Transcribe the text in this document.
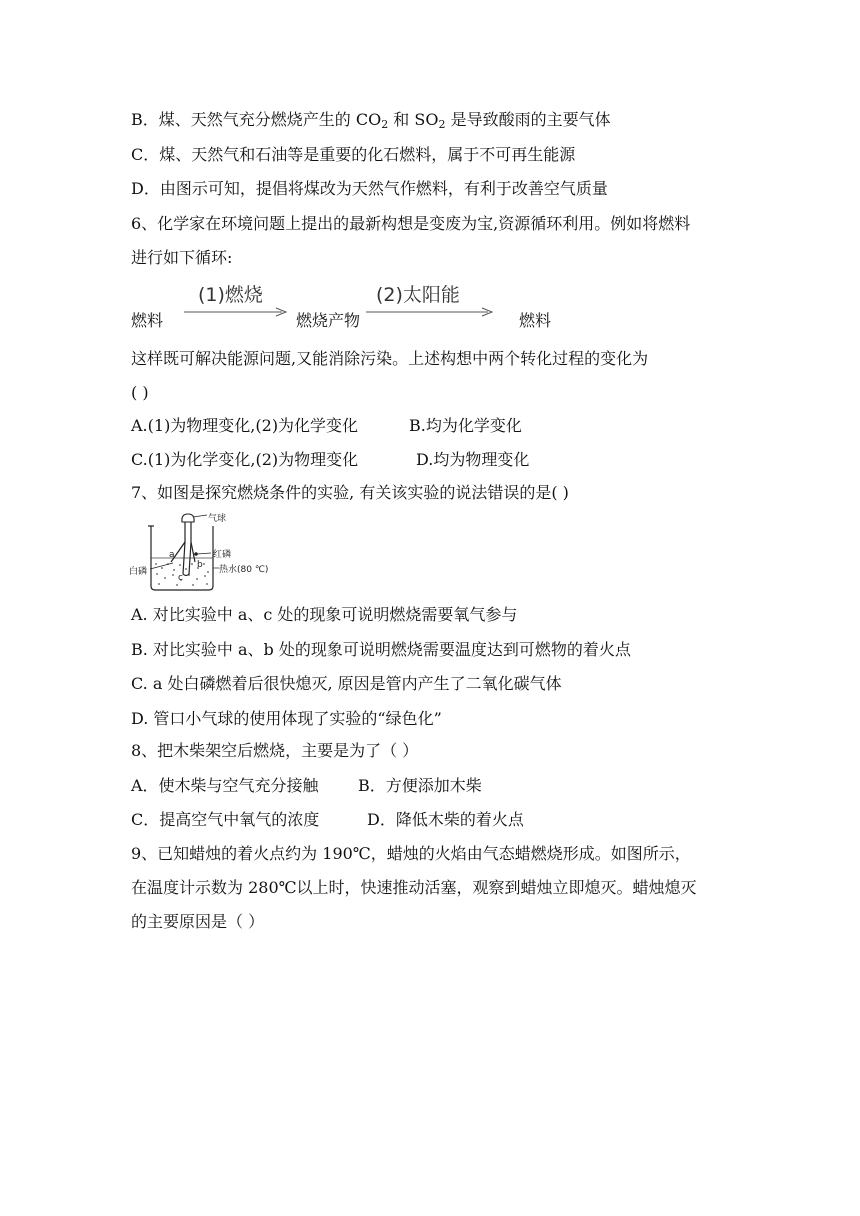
B．煤、天然气充分燃烧产生的 $CO_2$ 和 $SO_2$ 是导致酸雨的主要气体
C．煤、天然气和石油等是重要的化石燃料，属于不可再生能源
D．由图示可知，提倡将煤改为天然气作燃料，有利于改善空气质量
6、化学家在环境问题上提出的最新构想是变废为宝,资源循环利用。例如将燃料
进行如下循环:
燃料
(1)燃烧
燃烧产物
(2)太阳能
燃料
这样既可解决能源问题,又能消除污染。上述构想中两个转化过程的变化为
( )
A.(1)为物理变化,(2)为化学变化	B.均为化学变化
C.(1)为化学变化,(2)为物理变化	D.均为物理变化
7、如图是探究燃烧条件的实验, 有关该实验的说法错误的是( )
气球
红磷
白磷	热水(80 ℃)
a
b
c
A. 对比实验中 a、c 处的现象可说明燃烧需要氧气参与
B. 对比实验中 a、b 处的现象可说明燃烧需要温度达到可燃物的着火点
C. a 处白磷燃着后很快熄灭, 原因是管内产生了二氧化碳气体
D. 管口小气球的使用体现了实验的“绿色化”
8、把木柴架空后燃烧，主要是为了（ ）
A．使木柴与空气充分接触 B．方便添加木柴
C．提高空气中氧气的浓度	D．降低木柴的着火点
9、已知蜡烛的着火点约为 190℃，蜡烛的火焰由气态蜡燃烧形成。如图所示，
在温度计示数为 280℃以上时，快速推动活塞，观察到蜡烛立即熄灭。蜡烛熄灭
的主要原因是（ ）
